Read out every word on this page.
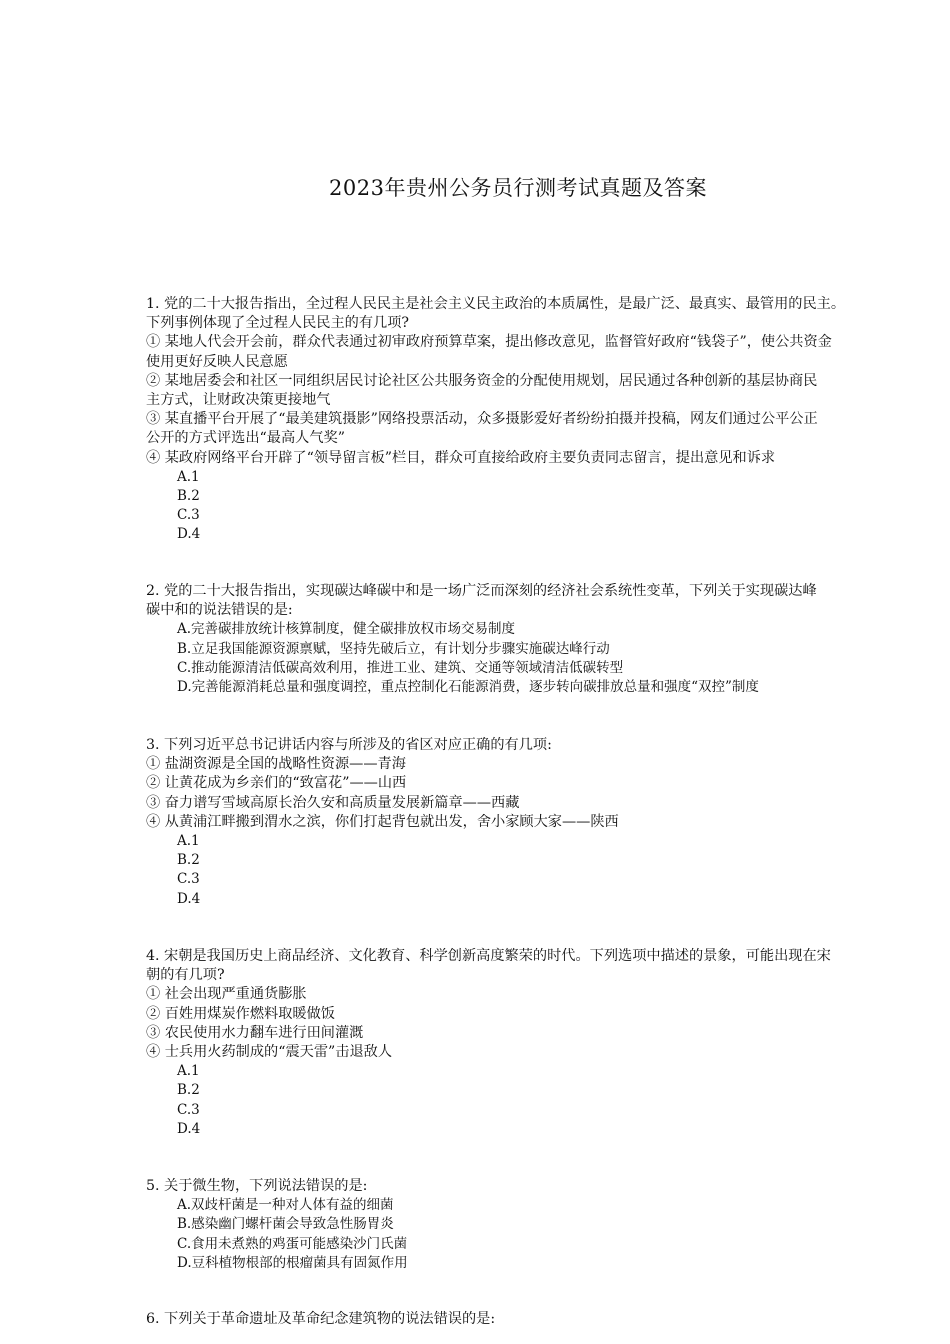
2023年贵州公务员行测考试真题及答案

1. 党的二十大报告指出，全过程人民民主是社会主义民主政治的本质属性，是最广泛、最真实、最管用的民主。

下列事例体现了全过程人民民主的有几项?

① 某地人代会开会前，群众代表通过初审政府预算草案，提出修改意见，监督管好政府“钱袋子”，使公共资金

使用更好反映人民意愿

② 某地居委会和社区一同组织居民讨论社区公共服务资金的分配使用规划，居民通过各种创新的基层协商民

主方式，让财政决策更接地气

③ 某直播平台开展了“最美建筑摄影”网络投票活动，众多摄影爱好者纷纷拍摄并投稿，网友们通过公平公正

公开的方式评选出“最高人气奖”

④ 某政府网络平台开辟了“领导留言板”栏目，群众可直接给政府主要负责同志留言，提出意见和诉求

A.1

B.2

C.3

D.4

2. 党的二十大报告指出，实现碳达峰碳中和是一场广泛而深刻的经济社会系统性变革，下列关于实现碳达峰

碳中和的说法错误的是:

A.完善碳排放统计核算制度，健全碳排放权市场交易制度

B.立足我国能源资源禀赋，坚持先破后立，有计划分步骤实施碳达峰行动

C.推动能源清洁低碳高效利用，推进工业、建筑、交通等领域清洁低碳转型

D.完善能源消耗总量和强度调控，重点控制化石能源消费，逐步转向碳排放总量和强度“双控”制度

3. 下列习近平总书记讲话内容与所涉及的省区对应正确的有几项:

① 盐湖资源是全国的战略性资源——青海

② 让黄花成为乡亲们的“致富花”——山西

③ 奋力谱写雪域高原长治久安和高质量发展新篇章——西藏

④ 从黄浦江畔搬到渭水之滨，你们打起背包就出发，舍小家顾大家——陕西

A.1

B.2

C.3

D.4

4. 宋朝是我国历史上商品经济、文化教育、科学创新高度繁荣的时代。下列选项中描述的景象，可能出现在宋

朝的有几项?

① 社会出现严重通货膨胀

② 百姓用煤炭作燃料取暖做饭

③ 农民使用水力翻车进行田间灌溉

④ 士兵用火药制成的“震天雷”击退敌人

A.1

B.2

C.3

D.4

5. 关于微生物，下列说法错误的是:

A.双歧杆菌是一种对人体有益的细菌

B.感染幽门螺杆菌会导致急性肠胃炎

C.食用未煮熟的鸡蛋可能感染沙门氏菌

D.豆科植物根部的根瘤菌具有固氮作用

6. 下列关于革命遗址及革命纪念建筑物的说法错误的是:
